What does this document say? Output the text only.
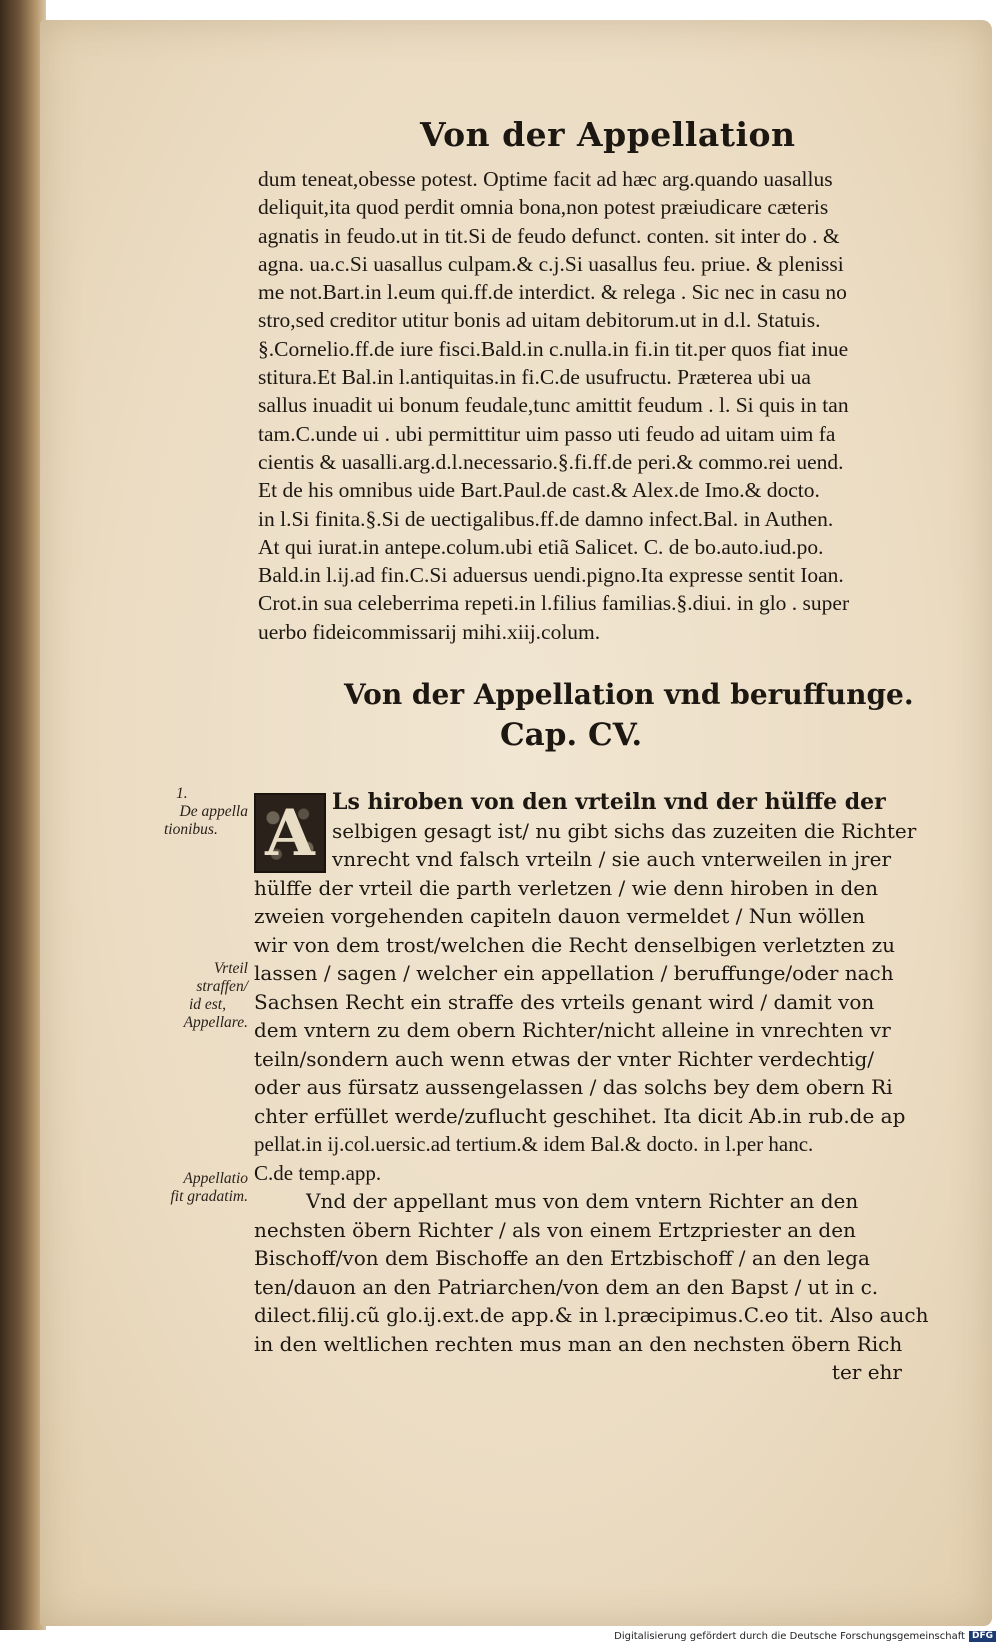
Von der Appellation
dum teneat,obesse potest. Optime facit ad hæc arg.quando uasallus
deliquit,ita quod perdit omnia bona,non potest præiudicare cæteris
agnatis in feudo.ut in tit.Si de feudo defunct. conten. sit inter do . &
agna. ua.c.Si uasallus culpam.& c.j.Si uasallus feu. priue. & plenissi
me not.Bart.in l.eum qui.ff.de interdict. & relega . Sic nec in casu no
stro,sed creditor utitur bonis ad uitam debitorum.ut in d.l. Statuis.
§.Cornelio.ff.de iure fisci.Bald.in c.nulla.in fi.in tit.per quos fiat inue
stitura.Et Bal.in l.antiquitas.in fi.C.de usufructu. Præterea ubi ua
sallus inuadit ui bonum feudale,tunc amittit feudum . l. Si quis in tan
tam.C.unde ui . ubi permittitur uim passo uti feudo ad uitam uim fa
cientis & uasalli.arg.d.l.necessario.§.fi.ff.de peri.& commo.rei uend.
Et de his omnibus uide Bart.Paul.de cast.& Alex.de Imo.& docto.
in l.Si finita.§.Si de uectigalibus.ff.de damno infect.Bal. in Authen.
At qui iurat.in antepe.colum.ubi etiã Salicet. C. de bo.auto.iud.po.
Bald.in l.ij.ad fin.C.Si aduersus uendi.pigno.Ita expresse sentit Ioan.
Crot.in sua celeberrima repeti.in l.filius familias.§.diui. in glo . super
uerbo fideicommissarij mihi.xiij.colum.
Von der Appellation vnd beruffunge.
Cap. CV.
1.
De appella
tionibus. A Ls hiroben von den vrteiln vnd der hülffe der
selbigen gesagt ist/ nu gibt sichs das zuzeiten die Richter
vnrecht vnd falsch vrteiln / sie auch vnterweilen in jrer
hülffe der vrteil die parth verletzen / wie denn hiroben in den
zweien vorgehenden capiteln dauon vermeldet / Nun wöllen
wir von dem trost/welchen die Recht denselbigen verletzten zu
lassen / sagen / welcher ein appellation / beruffunge/oder nach
Sachsen Recht ein straffe des vrteils genant wird / damit von
dem vntern zu dem obern Richter/nicht alleine in vnrechten vr
teiln/sondern auch wenn etwas der vnter Richter verdechtig/
oder aus fürsatz aussengelassen / das solchs bey dem obern Ri
chter erfüllet werde/zuflucht geschihet. Ita dicit Ab.in rub.de ap
pellat.in ij.col.uersic.ad tertium.& idem Bal.& docto. in l.per hanc.
C.de temp.app.
Vnd der appellant mus von dem vntern Richter an den
nechsten öbern Richter / als von einem Ertzpriester an den
Bischoff/von dem Bischoffe an den Ertzbischoff / an den lega
ten/dauon an den Patriarchen/von dem an den Bapst / ut in c.
dilect.filij.cũ glo.ij.ext.de app.& in l.præcipimus.C.eo tit. Also auch
in den weltlichen rechten mus man an den nechsten öbern Rich
ter ehr
Vrteil
straffen/
id est,
Appellare.
Appellatio
fit gradatim.
Digitalisierung gefördert durch die Deutsche Forschungsgemeinschaft DFG
